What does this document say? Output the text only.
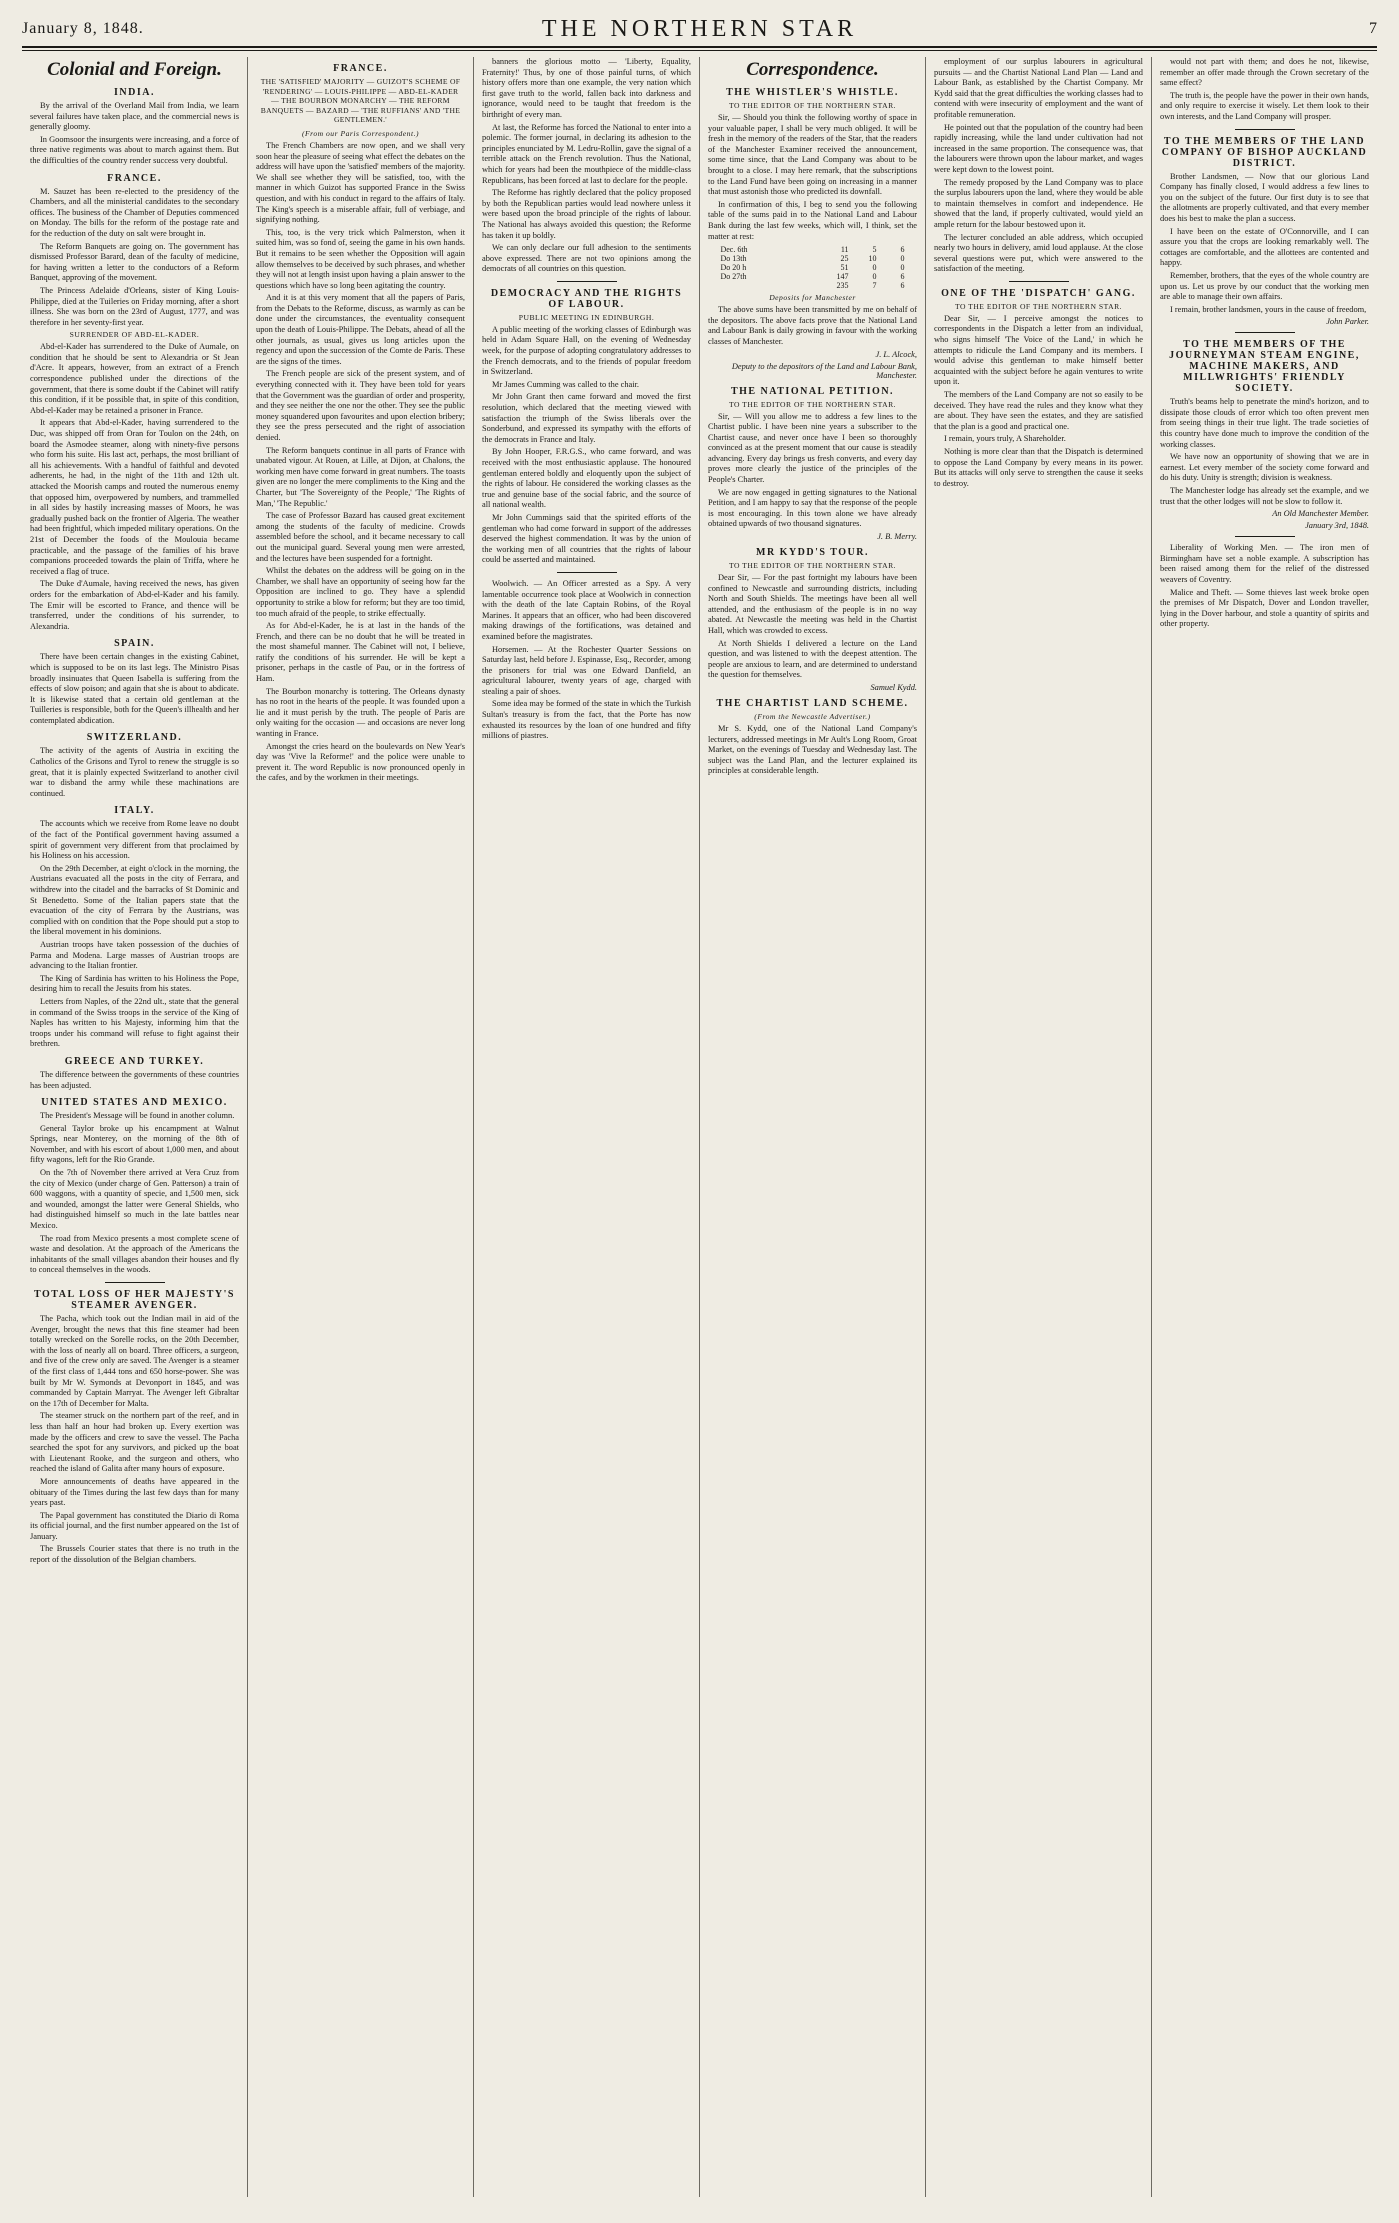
January 8, 1848.	THE NORTHERN STAR	7
Colonial and Foreign.
INDIA.

By the arrival of the Overland Mail from India, we learn several failures have taken place, and the commercial news is generally gloomy.

In Goomsoor the insurgents were increasing, and a force of three native regiments was about to march against them. But the difficulties of the country render success very doubtful.

FRANCE.

M. Sauzet has been re-elected to the presidency of the Chambers, and all the ministerial candidates to the secondary offices. The business of the Chamber of Deputies commenced on Monday. The bills for the reform of the postage rate and for the reduction of the duty on salt were brought in.

The Reform Banquets are going on. The government has dismissed Professor Barard, dean of the faculty of medicine, for having written a letter to the conductors of a Reform Banquet, approving of the movement.

The Princess Adelaide d'Orleans, sister of King Louis-Philippe, died at the Tuileries on Friday morning, after a short illness. She was born on the 23rd of August, 1777, and was therefore in her seventy-first year.

SURRENDER OF ABD-EL-KADER.

Abd-el-Kader has surrendered to the Duke of Aumale, on condition that he should be sent to Alexandria or St Jean d'Acre. It appears, however, from an extract of a French correspondence published under the directions of the government, that there is some doubt if the Cabinet will ratify this condition, if it be possible that, in spite of this condition, Abd-el-Kader may be retained a prisoner in France.

It appears that Abd-el-Kader, having surrendered to the Duc, was shipped off from Oran for Toulon on the 24th, on board the Asmodee steamer, along with ninety-five persons who form his suite. His last act, perhaps, the most brilliant of all his achievements. With a handful of faithful and devoted adherents, he had, in the night of the 11th and 12th ult. attacked the Moorish camps and routed the numerous enemy that opposed him, overpowered by numbers, and trammelled in all sides by hastily increasing masses of Moors, he was gradually pushed back on the frontier of Algeria. The weather had been frightful, which impeded military operations. On the 21st of December the foods of the Moulouia became practicable, and the passage of the families of his brave companions proceeded towards the plain of Triffa, where he received a flag of truce.

The Duke d'Aumale, having received the news, has given orders for the embarkation of Abd-el-Kader and his family. The Emir will be escorted to France, and thence will be transferred, under the conditions of his surrender, to Alexandria.

SPAIN.

There have been certain changes in the existing Cabinet, which is supposed to be on its last legs. The Ministro Pisas broadly insinuates that Queen Isabella is suffering from the effects of slow poison; and again that she is about to abdicate. It is likewise stated that a certain old gentleman at the Tuilleries is responsible, both for the Queen's illhealth and her contemplated abdication.

SWITZERLAND.

The activity of the agents of Austria in exciting the Catholics of the Grisons and Tyrol to renew the struggle is so great, that it is plainly expected Switzerland to another civil war to disband the army while these machinations are continued.

ITALY.

The accounts which we receive from Rome leave no doubt of the fact of the Pontifical government having assumed a spirit of government very different from that proclaimed by his Holiness on his accession.

On the 29th December, at eight o'clock in the morning, the Austrians evacuated all the posts in the city of Ferrara, and withdrew into the citadel and the barracks of St Dominic and St Benedetto. Some of the Italian papers state that the evacuation of the city of Ferrara by the Austrians, was complied with on condition that the Pope should put a stop to the liberal movement in his dominions.

Austrian troops have taken possession of the duchies of Parma and Modena. Large masses of Austrian troops are advancing to the Italian frontier.

The King of Sardinia has written to his Holiness the Pope, desiring him to recall the Jesuits from his states.

Letters from Naples, of the 22nd ult., state that the general in command of the Swiss troops in the service of the King of Naples has written to his Majesty, informing him that the troops under his command will refuse to fight against their brethren.

GREECE AND TURKEY.

The difference between the governments of these countries has been adjusted.

UNITED STATES AND MEXICO.

The President's Message will be found in another column.

General Taylor broke up his encampment at Walnut Springs, near Monterey, on the morning of the 8th of November, and with his escort of about 1,000 men, and about fifty wagons, left for the Rio Grande.

On the 7th of November there arrived at Vera Cruz from the city of Mexico (under charge of Gen. Patterson) a train of 600 waggons, with a quantity of specie, and 1,500 men, sick and wounded, amongst the latter were General Shields, who had distinguished himself so much in the late battles near Mexico.

The road from Mexico presents a most complete scene of waste and desolation. At the approach of the Americans the inhabitants of the small villages abandon their houses and fly to conceal themselves in the woods.

TOTAL LOSS OF HER MAJESTY'S STEAMER AVENGER.

The Pacha, which took out the Indian mail in aid of the Avenger, brought the news that this fine steamer had been totally wrecked on the Sorelle rocks, on the 20th December, with the loss of nearly all on board. Three officers, a surgeon, and five of the crew only are saved. The Avenger is a steamer of the first class of 1,444 tons and 650 horse-power. She was built by Mr W. Symonds at Devonport in 1845, and was commanded by Captain Marryat. The Avenger left Gibraltar on the 17th of December for Malta.

The steamer struck on the northern part of the reef, and in less than half an hour had broken up. Every exertion was made by the officers and crew to save the vessel. The Pacha searched the spot for any survivors, and picked up the boat with Lieutenant Rooke, and the surgeon and others, who reached the island of Galita after many hours of exposure.

More announcements of deaths have appeared in the obituary of the Times during the last few days than for many years past.

The Papal government has constituted the Diario di Roma its official journal, and the first number appeared on the 1st of January.

The Brussels Courier states that there is no truth in the report of the dissolution of the Belgian chambers.

FRANCE.
THE 'SATISFIED' MAJORITY — GUIZOT'S SCHEME OF 'RENDERING' — LOUIS-PHILIPPE — ABD-EL-KADER — THE BOURBON MONARCHY — THE REFORM BANQUETS — BAZARD — 'THE RUFFIANS' AND 'THE GENTLEMEN.'
(From our Paris Correspondent.)

The French Chambers are now open, and we shall very soon hear the pleasure of seeing what effect the debates on the address will have upon the 'satisfied' members of the majority. We shall see whether they will be satisfied, too, with the manner in which Guizot has supported France in the Swiss question, and with his conduct in regard to the affairs of Italy. The King's speech is a miserable affair, full of verbiage, and signifying nothing.

This, too, is the very trick which Palmerston, when it suited him, was so fond of, seeing the game in his own hands. But it remains to be seen whether the Opposition will again allow themselves to be deceived by such phrases, and whether they will not at length insist upon having a plain answer to the questions which have so long been agitating the country.

And it is at this very moment that all the papers of Paris, from the Debats to the Reforme, discuss, as warmly as can be done under the circumstances, the eventuality consequent upon the death of Louis-Philippe. The Debats, ahead of all the other journals, as usual, gives us long articles upon the regency and upon the succession of the Comte de Paris. These are the signs of the times.

The French people are sick of the present system, and of everything connected with it. They have been told for years that the Government was the guardian of order and prosperity, and they see neither the one nor the other. They see the public money squandered upon favourites and upon election bribery; they see the press persecuted and the right of association denied.

The Reform banquets continue in all parts of France with unabated vigour. At Rouen, at Lille, at Dijon, at Chalons, the working men have come forward in great numbers. The toasts given are no longer the mere compliments to the King and the Charter, but 'The Sovereignty of the People,' 'The Rights of Man,' 'The Republic.'

The case of Professor Bazard has caused great excitement among the students of the faculty of medicine. Crowds assembled before the school, and it became necessary to call out the municipal guard. Several young men were arrested, and the lectures have been suspended for a fortnight.

Whilst the debates on the address will be going on in the Chamber, we shall have an opportunity of seeing how far the Opposition are inclined to go. They have a splendid opportunity to strike a blow for reform; but they are too timid, too much afraid of the people, to strike effectually.

As for Abd-el-Kader, he is at last in the hands of the French, and there can be no doubt that he will be treated in the most shameful manner. The Cabinet will not, I believe, ratify the conditions of his surrender. He will be kept a prisoner, perhaps in the castle of Pau, or in the fortress of Ham.

The Bourbon monarchy is tottering. The Orleans dynasty has no root in the hearts of the people. It was founded upon a lie and it must perish by the truth. The people of Paris are only waiting for the occasion — and occasions are never long wanting in France.

Amongst the cries heard on the boulevards on New Year's day was 'Vive la Reforme!' and the police were unable to prevent it. The word Republic is now pronounced openly in the cafes, and by the workmen in their meetings.

banners the glorious motto — 'Liberty, Equality, Fraternity!' Thus, by one of those painful turns, of which history offers more than one example, the very nation which first gave truth to the world, fallen back into darkness and ignorance, would need to be taught that freedom is the birthright of every man.

At last, the Reforme has forced the National to enter into a polemic. The former journal, in declaring its adhesion to the principles enunciated by M. Ledru-Rollin, gave the signal of a terrible attack on the French revolution. Thus the National, which for years had been the mouthpiece of the middle-class Republicans, has been forced at last to declare for the people.

The Reforme has rightly declared that the policy proposed by both the Republican parties would lead nowhere unless it were based upon the broad principle of the rights of labour. The National has always avoided this question; the Reforme has taken it up boldly.

We can only declare our full adhesion to the sentiments above expressed. There are not two opinions among the democrats of all countries on this question.

DEMOCRACY AND THE RIGHTS OF LABOUR.
PUBLIC MEETING IN EDINBURGH.

A public meeting of the working classes of Edinburgh was held in Adam Square Hall, on the evening of Wednesday week, for the purpose of adopting congratulatory addresses to the French democrats, and to the friends of popular freedom in Switzerland.

Mr James Cumming was called to the chair.

Mr John Grant then came forward and moved the first resolution, which declared that the meeting viewed with satisfaction the triumph of the Swiss liberals over the Sonderbund, and expressed its sympathy with the efforts of the democrats in France and Italy.

By John Hooper, F.R.G.S., who came forward, and was received with the most enthusiastic applause. The honoured gentleman entered boldly and eloquently upon the subject of the rights of labour. He considered the working classes as the true and genuine base of the social fabric, and the source of all national wealth.

Mr John Cummings said that the spirited efforts of the gentleman who had come forward in support of the addresses deserved the highest commendation. It was by the union of the working men of all countries that the rights of labour could be asserted and maintained.

Woolwich. — An Officer arrested as a Spy. A very lamentable occurrence took place at Woolwich in connection with the death of the late Captain Robins, of the Royal Marines. It appears that an officer, who had been discovered making drawings of the fortifications, was detained and examined before the magistrates.

Horsemen. — At the Rochester Quarter Sessions on Saturday last, held before J. Espinasse, Esq., Recorder, among the prisoners for trial was one Edward Danfield, an agricultural labourer, twenty years of age, charged with stealing a pair of shoes.

Some idea may be formed of the state in which the Turkish Sultan's treasury is from the fact, that the Porte has now exhausted its resources by the loan of one hundred and fifty millions of piastres.

Correspondence.
THE WHISTLER'S WHISTLE.
TO THE EDITOR OF THE NORTHERN STAR.

Sir, — Should you think the following worthy of space in your valuable paper, I shall be very much obliged. It will be fresh in the memory of the readers of the Star, that the readers of the Manchester Examiner received the announcement, some time since, that the Land Company was about to be brought to a close. I may here remark, that the subscriptions to the Land Fund have been going on increasing in a manner that must astonish those who predicted its downfall.

In confirmation of this, I beg to send you the following table of the sums paid in to the National Land and Labour Bank during the last few weeks, which will, I think, set the matter at rest:

Dec. 6th	11	5	6
Do 13th	25	10	0
Do 20 h	51	0	0
Do 27th	147	0	6
	235	7	6
Deposits for Manchester

The above sums have been transmitted by me on behalf of the depositors. The above facts prove that the National Land and Labour Bank is daily growing in favour with the working classes of Manchester.

J. L. Alcock,
Deputy to the depositors of the Land and Labour Bank, Manchester.
THE NATIONAL PETITION.
TO THE EDITOR OF THE NORTHERN STAR.

Sir, — Will you allow me to address a few lines to the Chartist public. I have been nine years a subscriber to the Chartist cause, and never once have I been so thoroughly convinced as at the present moment that our cause is steadily advancing. Every day brings us fresh converts, and every day proves more clearly the justice of the principles of the People's Charter.

We are now engaged in getting signatures to the National Petition, and I am happy to say that the response of the people is most encouraging. In this town alone we have already obtained upwards of two thousand signatures.

J. B. Merry.
MR KYDD'S TOUR.
TO THE EDITOR OF THE NORTHERN STAR.

Dear Sir, — For the past fortnight my labours have been confined to Newcastle and surrounding districts, including North and South Shields. The meetings have been all well attended, and the enthusiasm of the people is in no way abated. At Newcastle the meeting was held in the Chartist Hall, which was crowded to excess.

At North Shields I delivered a lecture on the Land question, and was listened to with the deepest attention. The people are anxious to learn, and are determined to understand the question for themselves.

Samuel Kydd.
THE CHARTIST LAND SCHEME.
(From the Newcastle Advertiser.)

Mr S. Kydd, one of the National Land Company's lecturers, addressed meetings in Mr Ault's Long Room, Groat Market, on the evenings of Tuesday and Wednesday last. The subject was the Land Plan, and the lecturer explained its principles at considerable length.

employment of our surplus labourers in agricultural pursuits — and the Chartist National Land Plan — Land and Labour Bank, as established by the Chartist Company. Mr Kydd said that the great difficulties the working classes had to contend with were insecurity of employment and the want of profitable remuneration.

He pointed out that the population of the country had been rapidly increasing, while the land under cultivation had not increased in the same proportion. The consequence was, that the labourers were thrown upon the labour market, and wages were kept down to the lowest point.

The remedy proposed by the Land Company was to place the surplus labourers upon the land, where they would be able to maintain themselves in comfort and independence. He showed that the land, if properly cultivated, would yield an ample return for the labour bestowed upon it.

The lecturer concluded an able address, which occupied nearly two hours in delivery, amid loud applause. At the close several questions were put, which were answered to the satisfaction of the meeting.

ONE OF THE 'DISPATCH' GANG.
TO THE EDITOR OF THE NORTHERN STAR.

Dear Sir, — I perceive amongst the notices to correspondents in the Dispatch a letter from an individual, who signs himself 'The Voice of the Land,' in which he attempts to ridicule the Land Company and its members. I would advise this gentleman to make himself better acquainted with the subject before he again ventures to write upon it.

The members of the Land Company are not so easily to be deceived. They have read the rules and they know what they are about. They have seen the estates, and they are satisfied that the plan is a good and practical one.

I remain, yours truly, A Shareholder.

Nothing is more clear than that the Dispatch is determined to oppose the Land Company by every means in its power. But its attacks will only serve to strengthen the cause it seeks to destroy.

would not part with them; and does he not, likewise, remember an offer made through the Crown secretary of the same effect?

The truth is, the people have the power in their own hands, and only require to exercise it wisely. Let them look to their own interests, and the Land Company will prosper.

TO THE MEMBERS OF THE LAND COMPANY OF BISHOP AUCKLAND DISTRICT.

Brother Landsmen, — Now that our glorious Land Company has finally closed, I would address a few lines to you on the subject of the future. Our first duty is to see that the allotments are properly cultivated, and that every member does his best to make the plan a success.

I have been on the estate of O'Connorville, and I can assure you that the crops are looking remarkably well. The cottages are comfortable, and the allottees are contented and happy.

Remember, brothers, that the eyes of the whole country are upon us. Let us prove by our conduct that the working men are able to manage their own affairs.

I remain, brother landsmen, yours in the cause of freedom,

John Parker.
TO THE MEMBERS OF THE JOURNEYMAN STEAM ENGINE, MACHINE MAKERS, AND MILLWRIGHTS' FRIENDLY SOCIETY.

Truth's beams help to penetrate the mind's horizon, and to dissipate those clouds of error which too often prevent men from seeing things in their true light. The trade societies of this country have done much to improve the condition of the working classes.

We have now an opportunity of showing that we are in earnest. Let every member of the society come forward and do his duty. Unity is strength; division is weakness.

The Manchester lodge has already set the example, and we trust that the other lodges will not be slow to follow it.

An Old Manchester Member.
January 3rd, 1848.

Liberality of Working Men. — The iron men of Birmingham have set a noble example. A subscription has been raised among them for the relief of the distressed weavers of Coventry.

Malice and Theft. — Some thieves last week broke open the premises of Mr Dispatch, Dover and London traveller, lying in the Dover harbour, and stole a quantity of spirits and other property.
